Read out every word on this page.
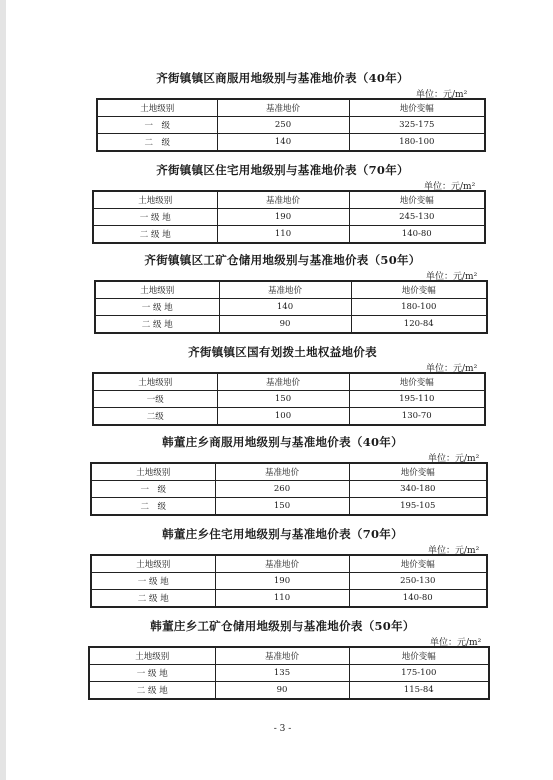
齐街镇镇区商服用地级别与基准地价表（40年）
单位：元/m²
土地级别	基准地价	地价变幅
一　级	250	325-175
二　级	140	180-100
齐街镇镇区住宅用地级别与基准地价表（70年）
单位：元/m²
土地级别	基准地价	地价变幅
一 级 地	190	245-130
二 级 地	110	140-80
齐街镇镇区工矿仓储用地级别与基准地价表（50年）
单位：元/m²
土地级别	基准地价	地价变幅
一 级 地	140	180-100
二 级 地	90	120-84
齐街镇镇区国有划拨土地权益地价表
单位：元/m²
土地级别	基准地价	地价变幅
一级	150	195-110
二级	100	130-70
韩董庄乡商服用地级别与基准地价表（40年）
单位：元/m²
土地级别	基准地价	地价变幅
一　级	260	340-180
二　级	150	195-105
韩董庄乡住宅用地级别与基准地价表（70年）
单位：元/m²
土地级别	基准地价	地价变幅
一 级 地	190	250-130
二 级 地	110	140-80
韩董庄乡工矿仓储用地级别与基准地价表（50年）
单位：元/m²
土地级别	基准地价	地价变幅
一 级 地	135	175-100
二 级 地	90	115-84
- 3 -
